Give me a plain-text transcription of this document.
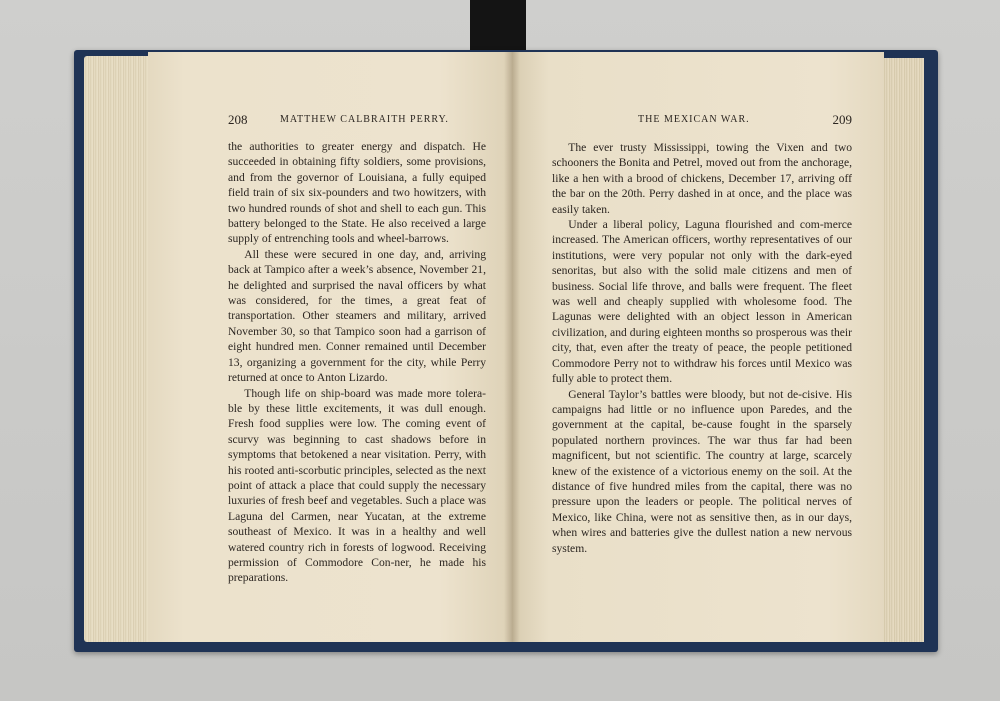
208	MATTHEW CALBRAITH PERRY.

the authorities to greater energy and dispatch. He succeeded in obtaining fifty soldiers, some provisions, and from the governor of Louisiana, a fully equiped field train of six six-pounders and two howitzers, with two hundred rounds of shot and shell to each gun. This battery belonged to the State. He also received a large supply of entrenching tools and wheel-barrows.

All these were secured in one day, and, arriving back at Tampico after a week’s absence, November 21, he delighted and surprised the naval officers by what was considered, for the times, a great feat of transportation. Other steamers and military, arrived November 30, so that Tampico soon had a garrison of eight hundred men. Conner remained until December 13, organizing a government for the city, while Perry returned at once to Anton Lizardo.

Though life on ship-board was made more tolera-ble by these little excitements, it was dull enough. Fresh food supplies were low. The coming event of scurvy was beginning to cast shadows before in symptoms that betokened a near visitation. Perry, with his rooted anti-scorbutic principles, selected as the next point of attack a place that could supply the necessary luxuries of fresh beef and vegetables. Such a place was Laguna del Carmen, near Yucatan, at the extreme southeast of Mexico. It was in a healthy and well watered country rich in forests of logwood. Receiving permission of Commodore Con-ner, he made his preparations.

THE MEXICAN WAR.	209

The ever trusty Mississippi, towing the Vixen and two schooners the Bonita and Petrel, moved out from the anchorage, like a hen with a brood of chickens, December 17, arriving off the bar on the 20th. Perry dashed in at once, and the place was easily taken.

Under a liberal policy, Laguna flourished and com-merce increased. The American officers, worthy representatives of our institutions, were very popular not only with the dark-eyed senoritas, but also with the solid male citizens and men of business. Social life throve, and balls were frequent. The fleet was well and cheaply supplied with wholesome food. The Lagunas were delighted with an object lesson in American civilization, and during eighteen months so prosperous was their city, that, even after the treaty of peace, the people petitioned Commodore Perry not to withdraw his forces until Mexico was fully able to protect them.

General Taylor’s battles were bloody, but not de-cisive. His campaigns had little or no influence upon Paredes, and the government at the capital, be-cause fought in the sparsely populated northern provinces. The war thus far had been magnificent, but not scientific. The country at large, scarcely knew of the existence of a victorious enemy on the soil. At the distance of five hundred miles from the capital, there was no pressure upon the leaders or people. The political nerves of Mexico, like China, were not as sensitive then, as in our days, when wires and batteries give the dullest nation a new nervous system.
